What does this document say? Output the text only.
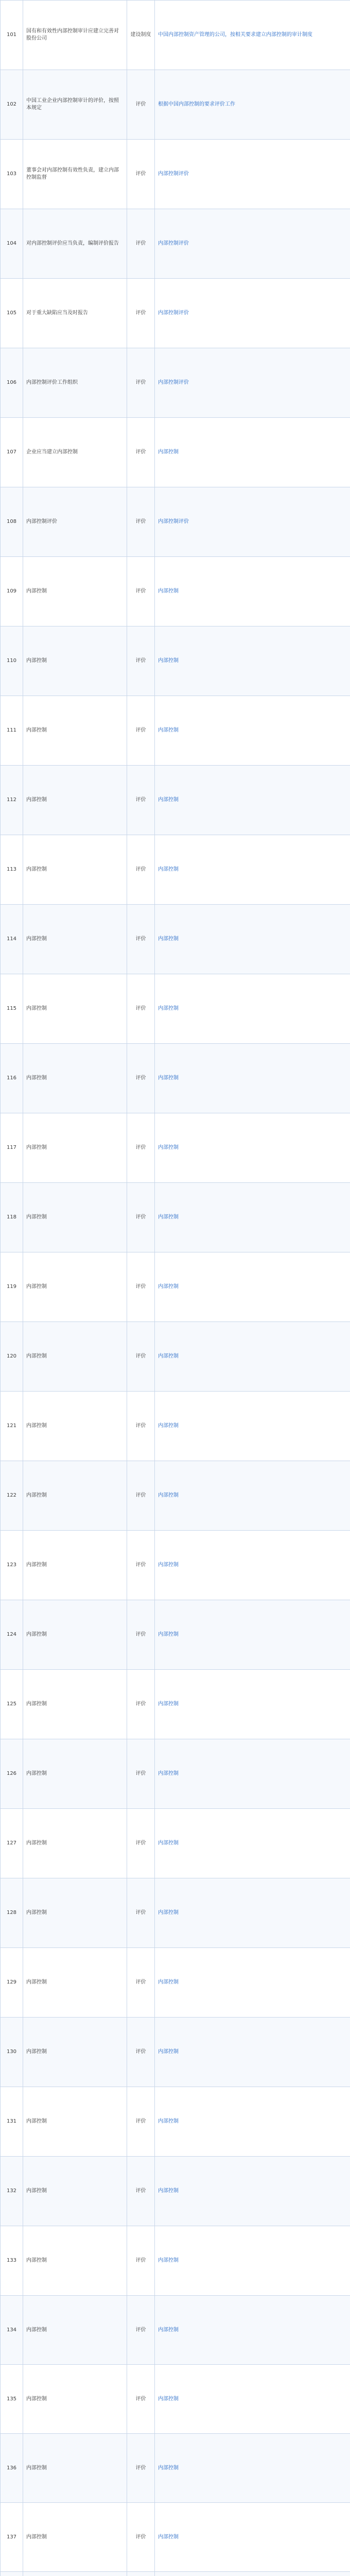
101	国有和有效性内部控制审计应建立完善对股份公司	建设制度	中国内部控制资产管理的公司，按相关要求建立内部控制的审计制度
102	中国工业企业内部控制审计的评价，按照本规定	评价	根据中国内部控制的要求评价工作
103	董事会对内部控制有效性负责，建立内部控制监督	评价	内部控制评价
104	对内部控制评价应当负责，编制评价报告	评价	内部控制评价
105	对于重大缺陷应当及时报告	评价	内部控制评价
106	内部控制评价工作组织	评价	内部控制评价
107	企业应当建立内部控制	评价	内部控制
108	内部控制评价	评价	内部控制评价
109	内部控制	评价	内部控制
110	内部控制	评价	内部控制
111	内部控制	评价	内部控制
112	内部控制	评价	内部控制
113	内部控制	评价	内部控制
114	内部控制	评价	内部控制
115	内部控制	评价	内部控制
116	内部控制	评价	内部控制
117	内部控制	评价	内部控制
118	内部控制	评价	内部控制
119	内部控制	评价	内部控制
120	内部控制	评价	内部控制
121	内部控制	评价	内部控制
122	内部控制	评价	内部控制
123	内部控制	评价	内部控制
124	内部控制	评价	内部控制
125	内部控制	评价	内部控制
126	内部控制	评价	内部控制
127	内部控制	评价	内部控制
128	内部控制	评价	内部控制
129	内部控制	评价	内部控制
130	内部控制	评价	内部控制
131	内部控制	评价	内部控制
132	内部控制	评价	内部控制
133	内部控制	评价	内部控制
134	内部控制	评价	内部控制
135	内部控制	评价	内部控制
136	内部控制	评价	内部控制
137	内部控制	评价	内部控制
